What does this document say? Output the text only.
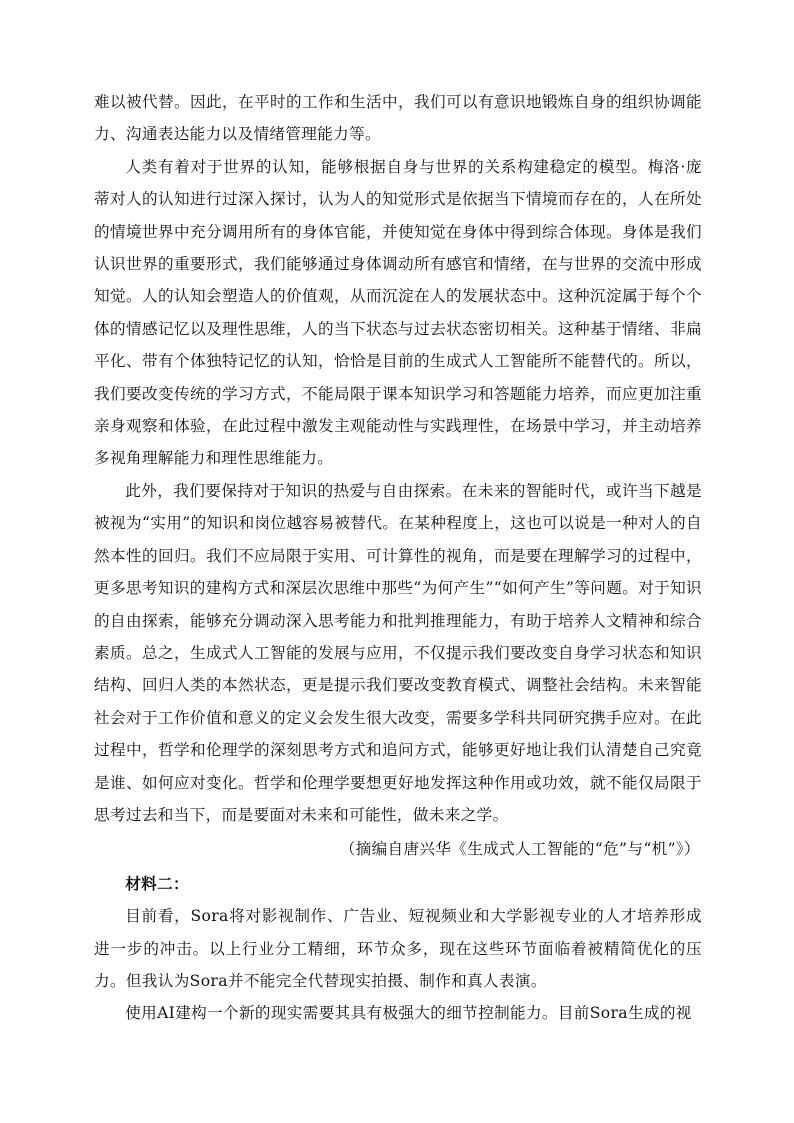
难以被代替。因此，在平时的工作和生活中，我们可以有意识地锻炼自身的组织协调能力、沟通表达能力以及情绪管理能力等。

人类有着对于世界的认知，能够根据自身与世界的关系构建稳定的模型。梅洛·庞蒂对人的认知进行过深入探讨，认为人的知觉形式是依据当下情境而存在的，人在所处的情境世界中充分调用所有的身体官能，并使知觉在身体中得到综合体现。身体是我们认识世界的重要形式，我们能够通过身体调动所有感官和情绪，在与世界的交流中形成知觉。人的认知会塑造人的价值观，从而沉淀在人的发展状态中。这种沉淀属于每个个体的情感记忆以及理性思维，人的当下状态与过去状态密切相关。这种基于情绪、非扁平化、带有个体独特记忆的认知，恰恰是目前的生成式人工智能所不能替代的。所以，我们要改变传统的学习方式，不能局限于课本知识学习和答题能力培养，而应更加注重亲身观察和体验，在此过程中激发主观能动性与实践理性，在场景中学习，并主动培养多视角理解能力和理性思维能力。

此外，我们要保持对于知识的热爱与自由探索。在未来的智能时代，或许当下越是被视为“实用”的知识和岗位越容易被替代。在某种程度上，这也可以说是一种对人的自然本性的回归。我们不应局限于实用、可计算性的视角，而是要在理解学习的过程中，更多思考知识的建构方式和深层次思维中那些“为何产生”“如何产生”等问题。对于知识的自由探索，能够充分调动深入思考能力和批判推理能力，有助于培养人文精神和综合素质。总之，生成式人工智能的发展与应用，不仅提示我们要改变自身学习状态和知识结构、回归人类的本然状态，更是提示我们要改变教育模式、调整社会结构。未来智能社会对于工作价值和意义的定义会发生很大改变，需要多学科共同研究携手应对。在此过程中，哲学和伦理学的深刻思考方式和追问方式，能够更好地让我们认清楚自己究竟是谁、如何应对变化。哲学和伦理学要想更好地发挥这种作用或功效，就不能仅局限于思考过去和当下，而是要面对未来和可能性，做未来之学。

（摘编自唐兴华《生成式人工智能的“危”与“机”》）

材料二：

目前看，Sora将对影视制作、广告业、短视频业和大学影视专业的人才培养形成进一步的冲击。以上行业分工精细，环节众多，现在这些环节面临着被精简优化的压力。但我认为Sora并不能完全代替现实拍摄、制作和真人表演。

使用AI建构一个新的现实需要其具有极强大的细节控制能力。目前Sora生成的视
